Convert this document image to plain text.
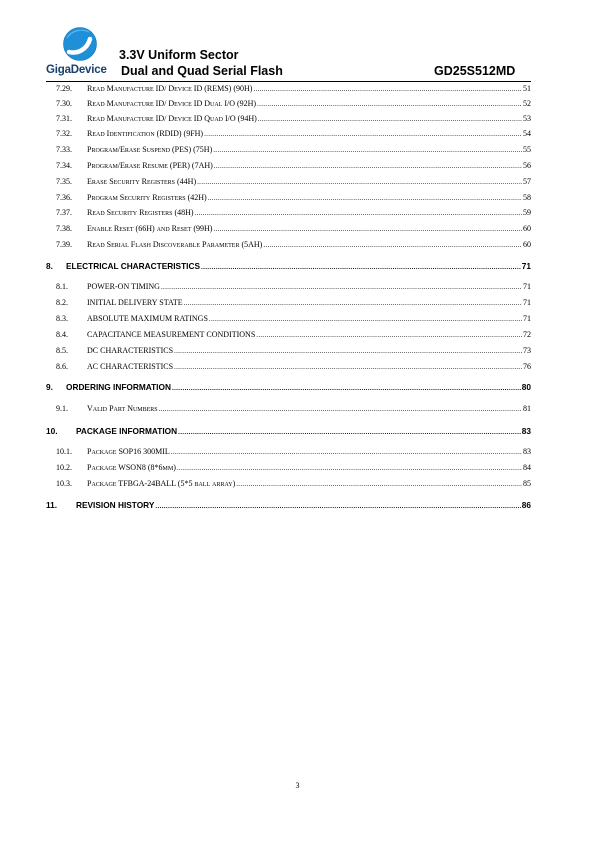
GigaDevice
3.3V Uniform Sector
Dual and Quad Serial Flash	GD25S512MD
7.29.	Read Manufacture ID/ Device ID (REMS) (90H) .....	51
7.30.	Read Manufacture ID/ Device ID Dual I/O (92H) .....	52
7.31.	Read Manufacture ID/ Device ID Quad I/O (94H) .....	53
7.32.	Read Identification (RDID) (9FH) .....	54
7.33.	Program/Erase Suspend (PES) (75H) .....	55
7.34.	Program/Erase Resume (PER) (7AH) .....	56
7.35.	Erase Security Registers (44H) .....	57
7.36.	Program Security Registers (42H) .....	58
7.37.	Read Security Registers (48H) .....	59
7.38.	Enable Reset (66H) and Reset (99H) .....	60
7.39.	Read Serial Flash Discoverable Parameter (5AH) .....	60
8.	ELECTRICAL CHARACTERISTICS .....	71
8.1.	POWER-ON TIMING .....	71
8.2.	INITIAL DELIVERY STATE .....	71
8.3.	ABSOLUTE MAXIMUM RATINGS .....	71
8.4.	CAPACITANCE MEASUREMENT CONDITIONS .....	72
8.5.	DC CHARACTERISTICS .....	73
8.6.	AC CHARACTERISTICS .....	76
9.	ORDERING INFORMATION .....	80
9.1.	Valid Part Numbers .....	81
10.	PACKAGE INFORMATION .....	83
10.1.	Package SOP16 300MIL .....	83
10.2.	Package WSON8 (8*6mm) .....	84
10.3.	Package TFBGA-24BALL (5*5 ball array) .....	85
11.	REVISION HISTORY .....	86
3
